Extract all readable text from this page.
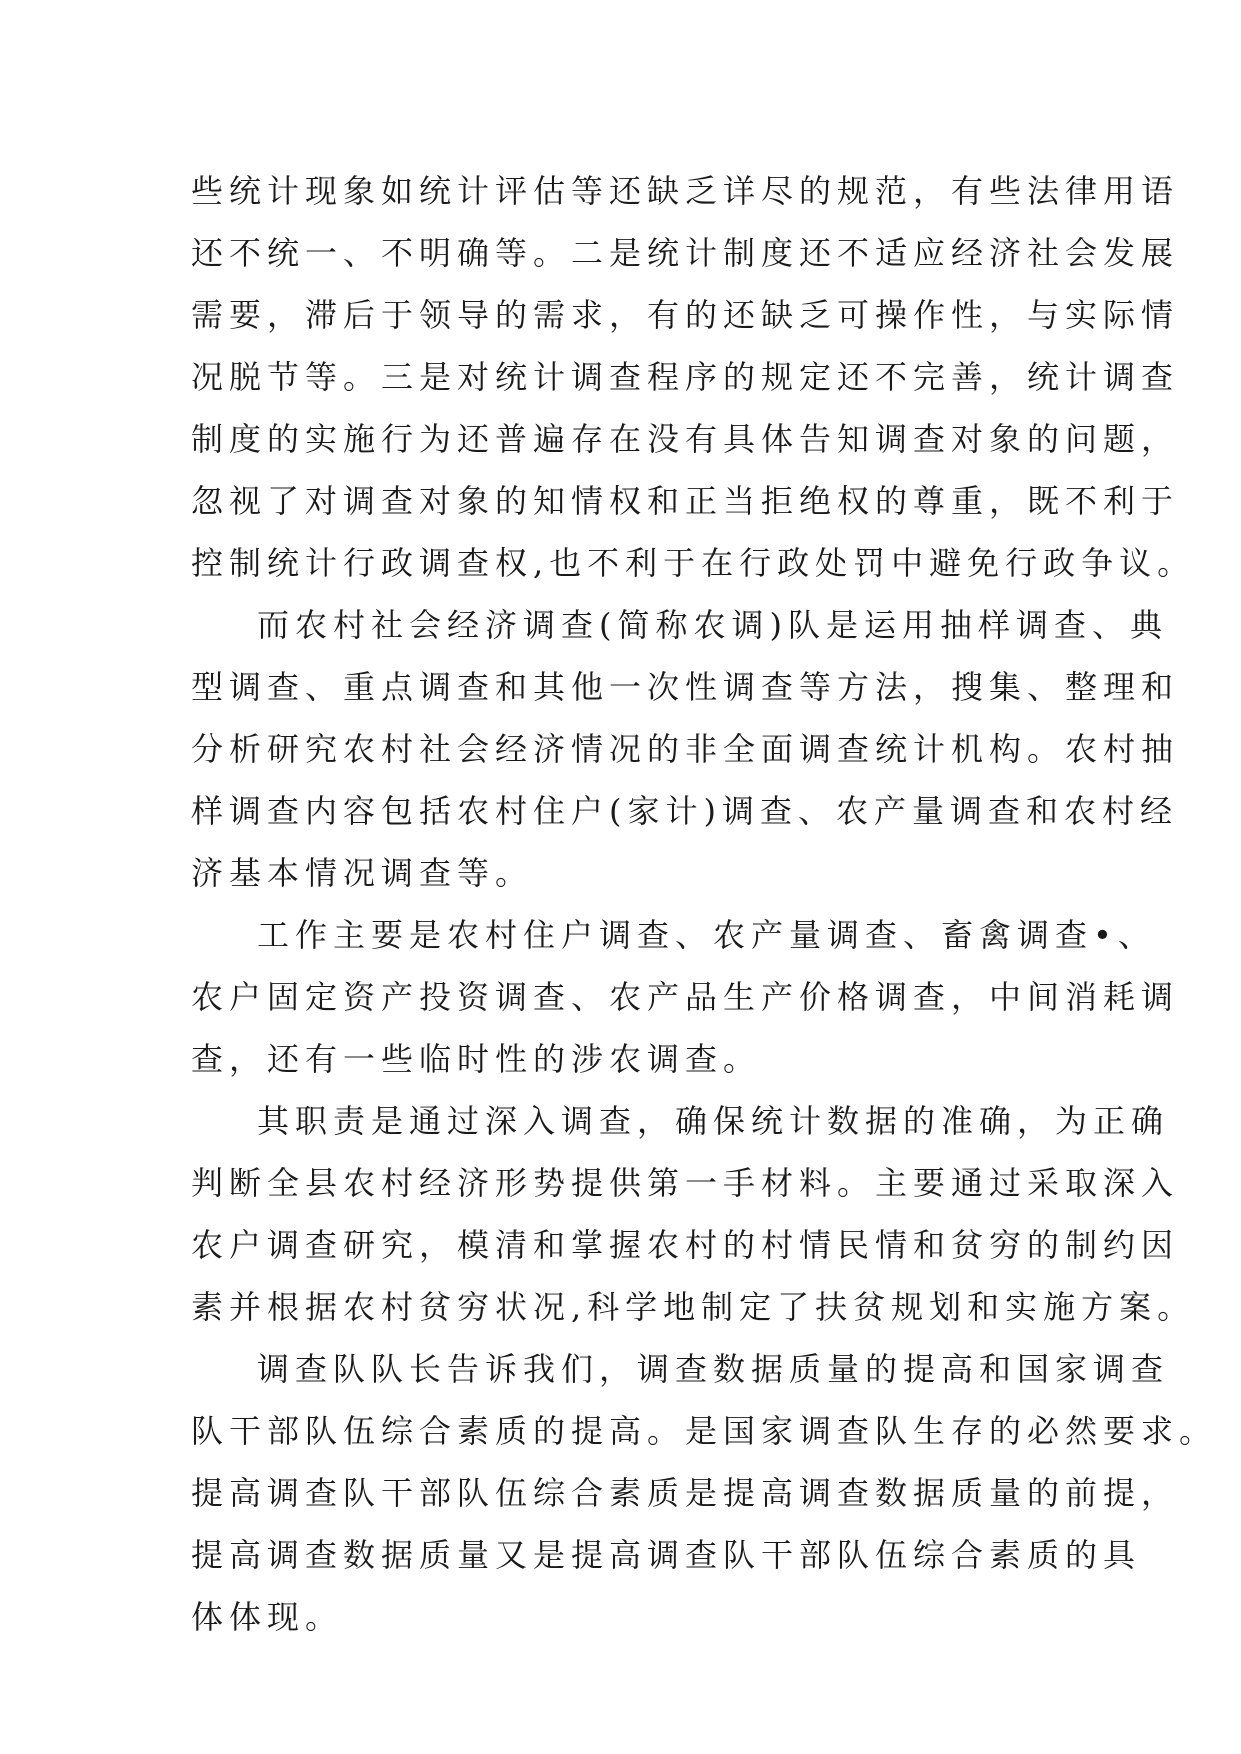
些统计现象如统计评估等还缺乏详尽的规范，有些法律用语
还不统一、不明确等。二是统计制度还不适应经济社会发展
需要，滞后于领导的需求，有的还缺乏可操作性，与实际情
况脱节等。三是对统计调查程序的规定还不完善，统计调查
制度的实施行为还普遍存在没有具体告知调查对象的问题，
忽视了对调查对象的知情权和正当拒绝权的尊重，既不利于
控制统计行政调查权,也不利于在行政处罚中避免行政争议。
而农村社会经济调查(简称农调)队是运用抽样调查、典
型调查、重点调查和其他一次性调查等方法，搜集、整理和
分析研究农村社会经济情况的非全面调查统计机构。农村抽
样调查内容包括农村住户(家计)调查、农产量调查和农村经
济基本情况调查等。
工作主要是农村住户调查、农产量调查、畜禽调查•、
农户固定资产投资调查、农产品生产价格调查，中间消耗调
查，还有一些临时性的涉农调查。
其职责是通过深入调查，确保统计数据的准确，为正确
判断全县农村经济形势提供第一手材料。主要通过采取深入
农户调查研究，模清和掌握农村的村情民情和贫穷的制约因
素并根据农村贫穷状况,科学地制定了扶贫规划和实施方案。
调查队队长告诉我们，调查数据质量的提高和国家调查
队干部队伍综合素质的提高。是国家调查队生存的必然要求。
提高调查队干部队伍综合素质是提高调查数据质量的前提，
提高调查数据质量又是提高调查队干部队伍综合素质的具
体体现。
